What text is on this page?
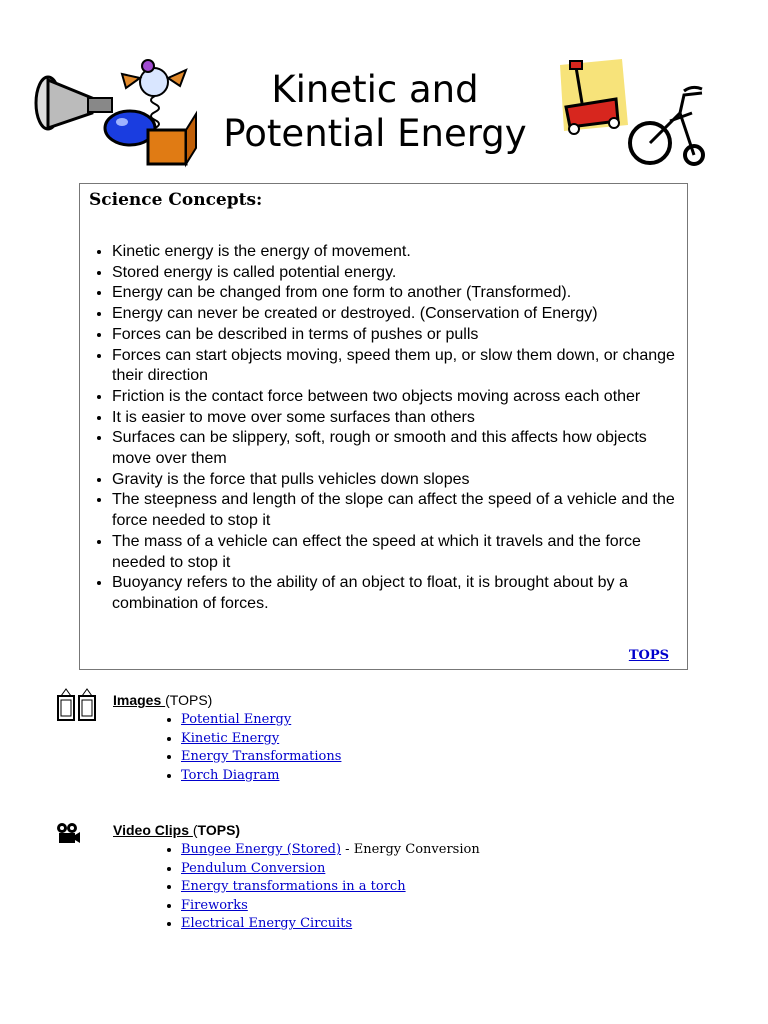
Kinetic and
Potential Energy
Science Concepts:
• Kinetic energy is the energy of movement.
• Stored energy is called potential energy.
• Energy can be changed from one form to another (Transformed).
• Energy can never be created or destroyed. (Conservation of Energy)
• Forces can be described in terms of pushes or pulls
• Forces can start objects moving, speed them up, or slow them down, or change their direction
• Friction is the contact force between two objects moving across each other
• It is easier to move over some surfaces than others
• Surfaces can be slippery, soft, rough or smooth and this affects how objects move over them
• Gravity is the force that pulls vehicles down slopes
• The steepness and length of the slope can affect the speed of a vehicle and the force needed to stop it
• The mass of a vehicle can effect the speed at which it travels and the force needed to stop it
• Buoyancy refers to the ability of an object to float, it is brought about by a combination of forces.
TOPS
Images (TOPS)
• Potential Energy
• Kinetic Energy
• Energy Transformations
• Torch Diagram
Video Clips (TOPS)
• Bungee Energy (Stored) - Energy Conversion
• Pendulum Conversion
• Energy transformations in a torch
• Fireworks
• Electrical Energy Circuits
